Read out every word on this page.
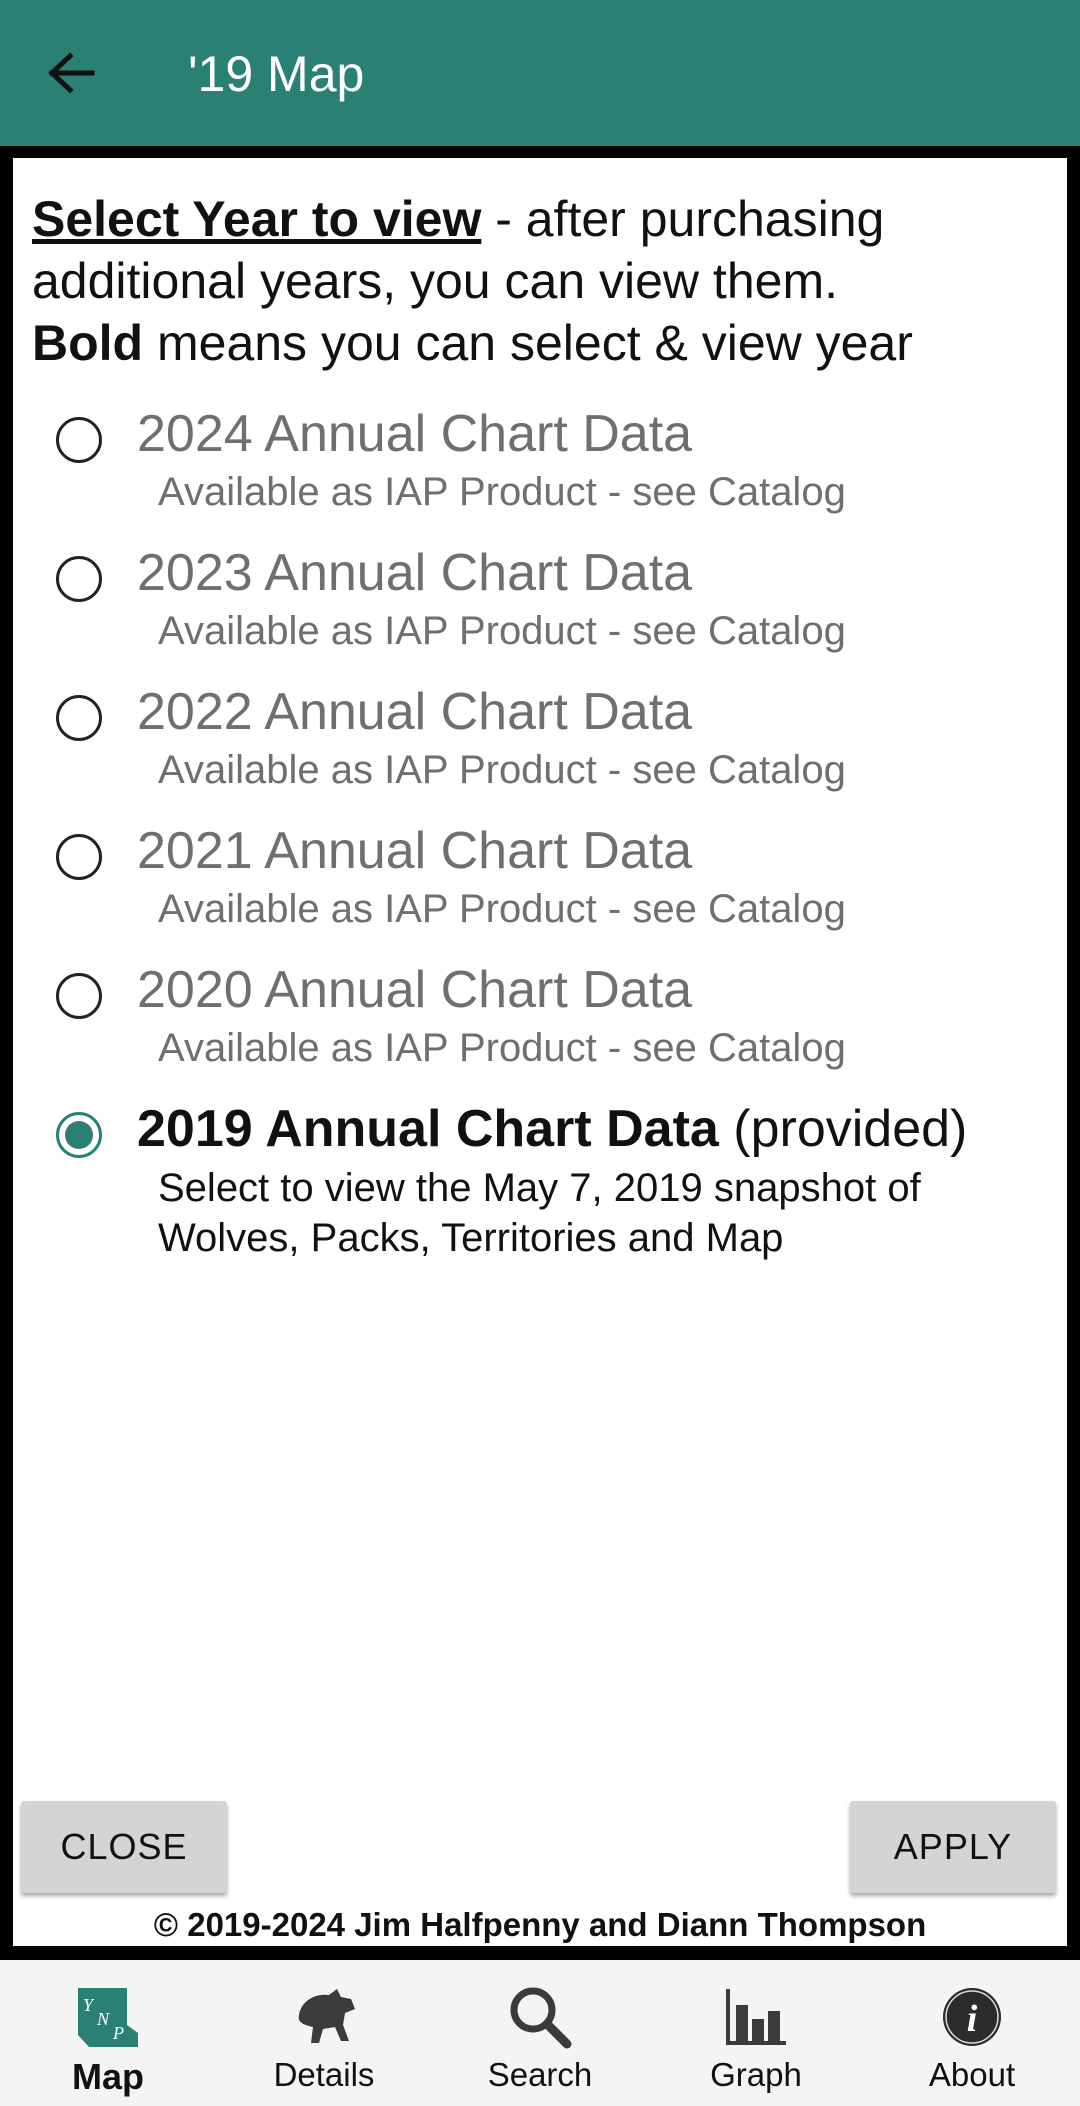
'19 Map
Select Year to view - after purchasing additional years, you can view them.
Bold means you can select & view year
2024 Annual Chart Data
Available as IAP Product - see Catalog
2023 Annual Chart Data
Available as IAP Product - see Catalog
2022 Annual Chart Data
Available as IAP Product - see Catalog
2021 Annual Chart Data
Available as IAP Product - see Catalog
2020 Annual Chart Data
Available as IAP Product - see Catalog
2019 Annual Chart Data (provided)
Select to view the May 7, 2019 snapshot of Wolves, Packs, Territories and Map
CLOSE	APPLY
© 2019-2024 Jim Halfpenny and Diann Thompson
Y
N
P
Map	Details	Search	Graph
i
About
